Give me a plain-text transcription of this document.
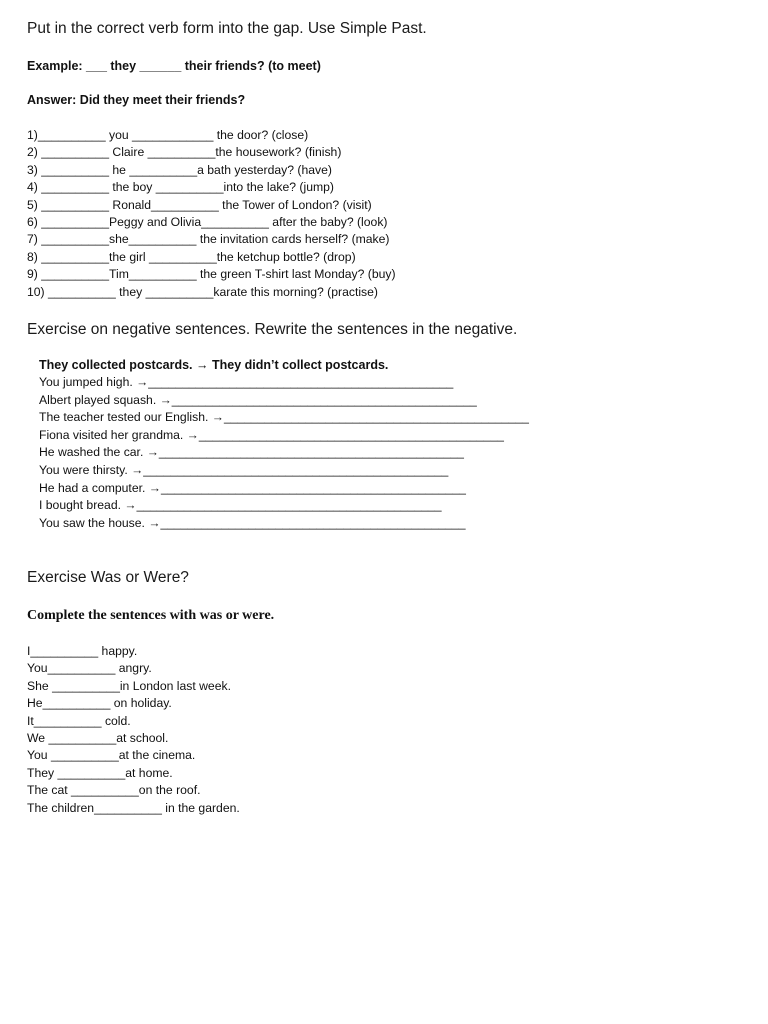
Put in the correct verb form into the gap. Use Simple Past.
Example: ___ they ______ their friends? (to meet)
Answer: Did they meet their friends?
1)__________ you ____________ the door? (close)
2) __________ Claire __________the housework? (finish)
3) __________ he __________a bath yesterday? (have)
4) __________ the boy __________into the lake? (jump)
5) __________ Ronald__________ the Tower of London? (visit)
6) __________Peggy and Olivia__________ after the baby? (look)
7) __________she__________ the invitation cards herself? (make)
8) __________the girl __________the ketchup bottle? (drop)
9) __________Tim__________ the green T-shirt last Monday? (buy)
10) __________ they __________karate this morning? (practise)
Exercise on negative sentences. Rewrite the sentences in the negative.
They collected postcards. → They didn’t collect postcards.
You jumped high. →_____________________________________________
Albert played squash. →_____________________________________________
The teacher tested our English. →_____________________________________________
Fiona visited her grandma. →_____________________________________________
He washed the car. →_____________________________________________
You were thirsty. →_____________________________________________
He had a computer. →_____________________________________________
I bought bread. →_____________________________________________
You saw the house. →_____________________________________________
Exercise Was or Were?
Complete the sentences with was or were.
I__________ happy.
You__________ angry.
She __________in London last week.
He__________ on holiday.
It__________ cold.
We __________at school.
You __________at the cinema.
They __________at home.
The cat __________on the roof.
The children__________ in the garden.
